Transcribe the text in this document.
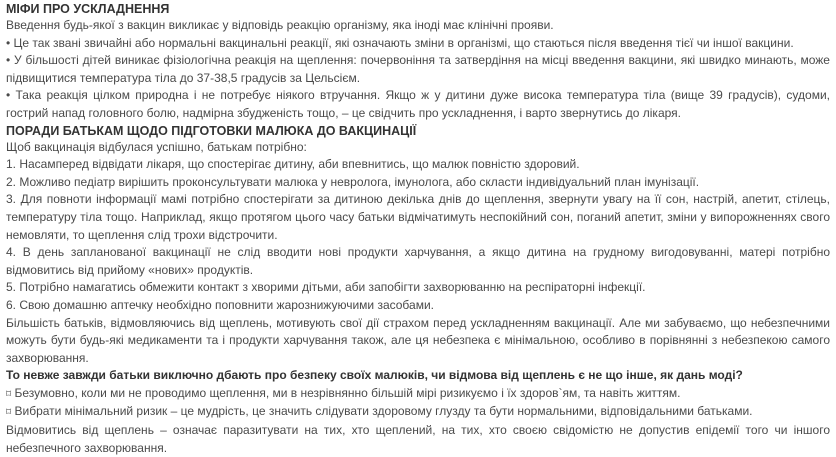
МІФИ ПРО УСКЛАДНЕННЯ

Введення будь-якої з вакцин викликає у відповідь реакцію організму, яка іноді має клінічні прояви.

• Це так звані звичайні або нормальні вакцинальні реакції, які означають зміни в організмі, що стаються після введення тієї чи іншої вакцини.

• У більшості дітей виникає фізіологічна реакція на щеплення: почервоніння та затвердіння на місці введення вакцини, які швидко минають, може підвищитися температура тіла до 37-38,5 градусів за Цельсієм.

• Така реакція цілком природна і не потребує ніякого втручання. Якщо ж у дитини дуже висока температура тіла (вище 39 градусів), судоми, гострий напад головного болю, надмірна збудженість тощо, – це свідчить про ускладнення, і варто звернутись до лікаря.

ПОРАДИ БАТЬКАМ ЩОДО ПІДГОТОВКИ МАЛЮКА ДО ВАКЦИНАЦІЇ

Щоб вакцинація відбулася успішно, батькам потрібно:

1. Насамперед відвідати лікаря, що спостерігає дитину, аби впевнитись, що малюк повністю здоровий.

2. Можливо педіатр вирішить проконсультувати малюка у невролога, імунолога, або скласти індивідуальний план імунізації.

3. Для повноти інформації мамі потрібно спостерігати за дитиною декілька днів до щеплення, звернути увагу на її сон, настрій, апетит, стілець, температуру тіла тощо. Наприклад, якщо протягом цього часу батьки відмічатимуть неспокійний сон, поганий апетит, зміни у випорожненнях свого немовляти, то щеплення слід трохи відстрочити.

4. В день запланованої вакцинації не слід вводити нові продукти харчування, а якщо дитина на грудному вигодовуванні, матері потрібно відмовитись від прийому «нових» продуктів.

5. Потрібно намагатись обмежити контакт з хворими дітьми, аби запобігти захворюванню на респіраторні інфекції.

6. Свою домашню аптечку необхідно поповнити жарознижуючими засобами.

Більшість батьків, відмовляючись від щеплень, мотивують свої дії страхом перед ускладненням вакцинації. Але ми забуваємо, що небезпечними можуть бути будь-які медикаменти та і продукти харчування також, але ця небезпека є мінімальною, особливо в порівнянні з небезпекою самого захворювання.

То невже завжди батьки виключно дбають про безпеку своїх малюків, чи відмова від щеплень є не що інше, як дань моді?

⌑ Безумовно, коли ми не проводимо щеплення, ми в незрівнянно більшій мірі ризикуємо і їх здоров`ям, та навіть життям.

⌑ Вибрати мінімальний ризик – це мудрість, це значить слідувати здоровому глузду та бути нормальними, відповідальними батьками.

Відмовитись від щеплень – означає паразитувати на тих, хто щеплений, на тих, хто своєю свідомістю не допустив епідемії того чи іншого небезпечного захворювання.
